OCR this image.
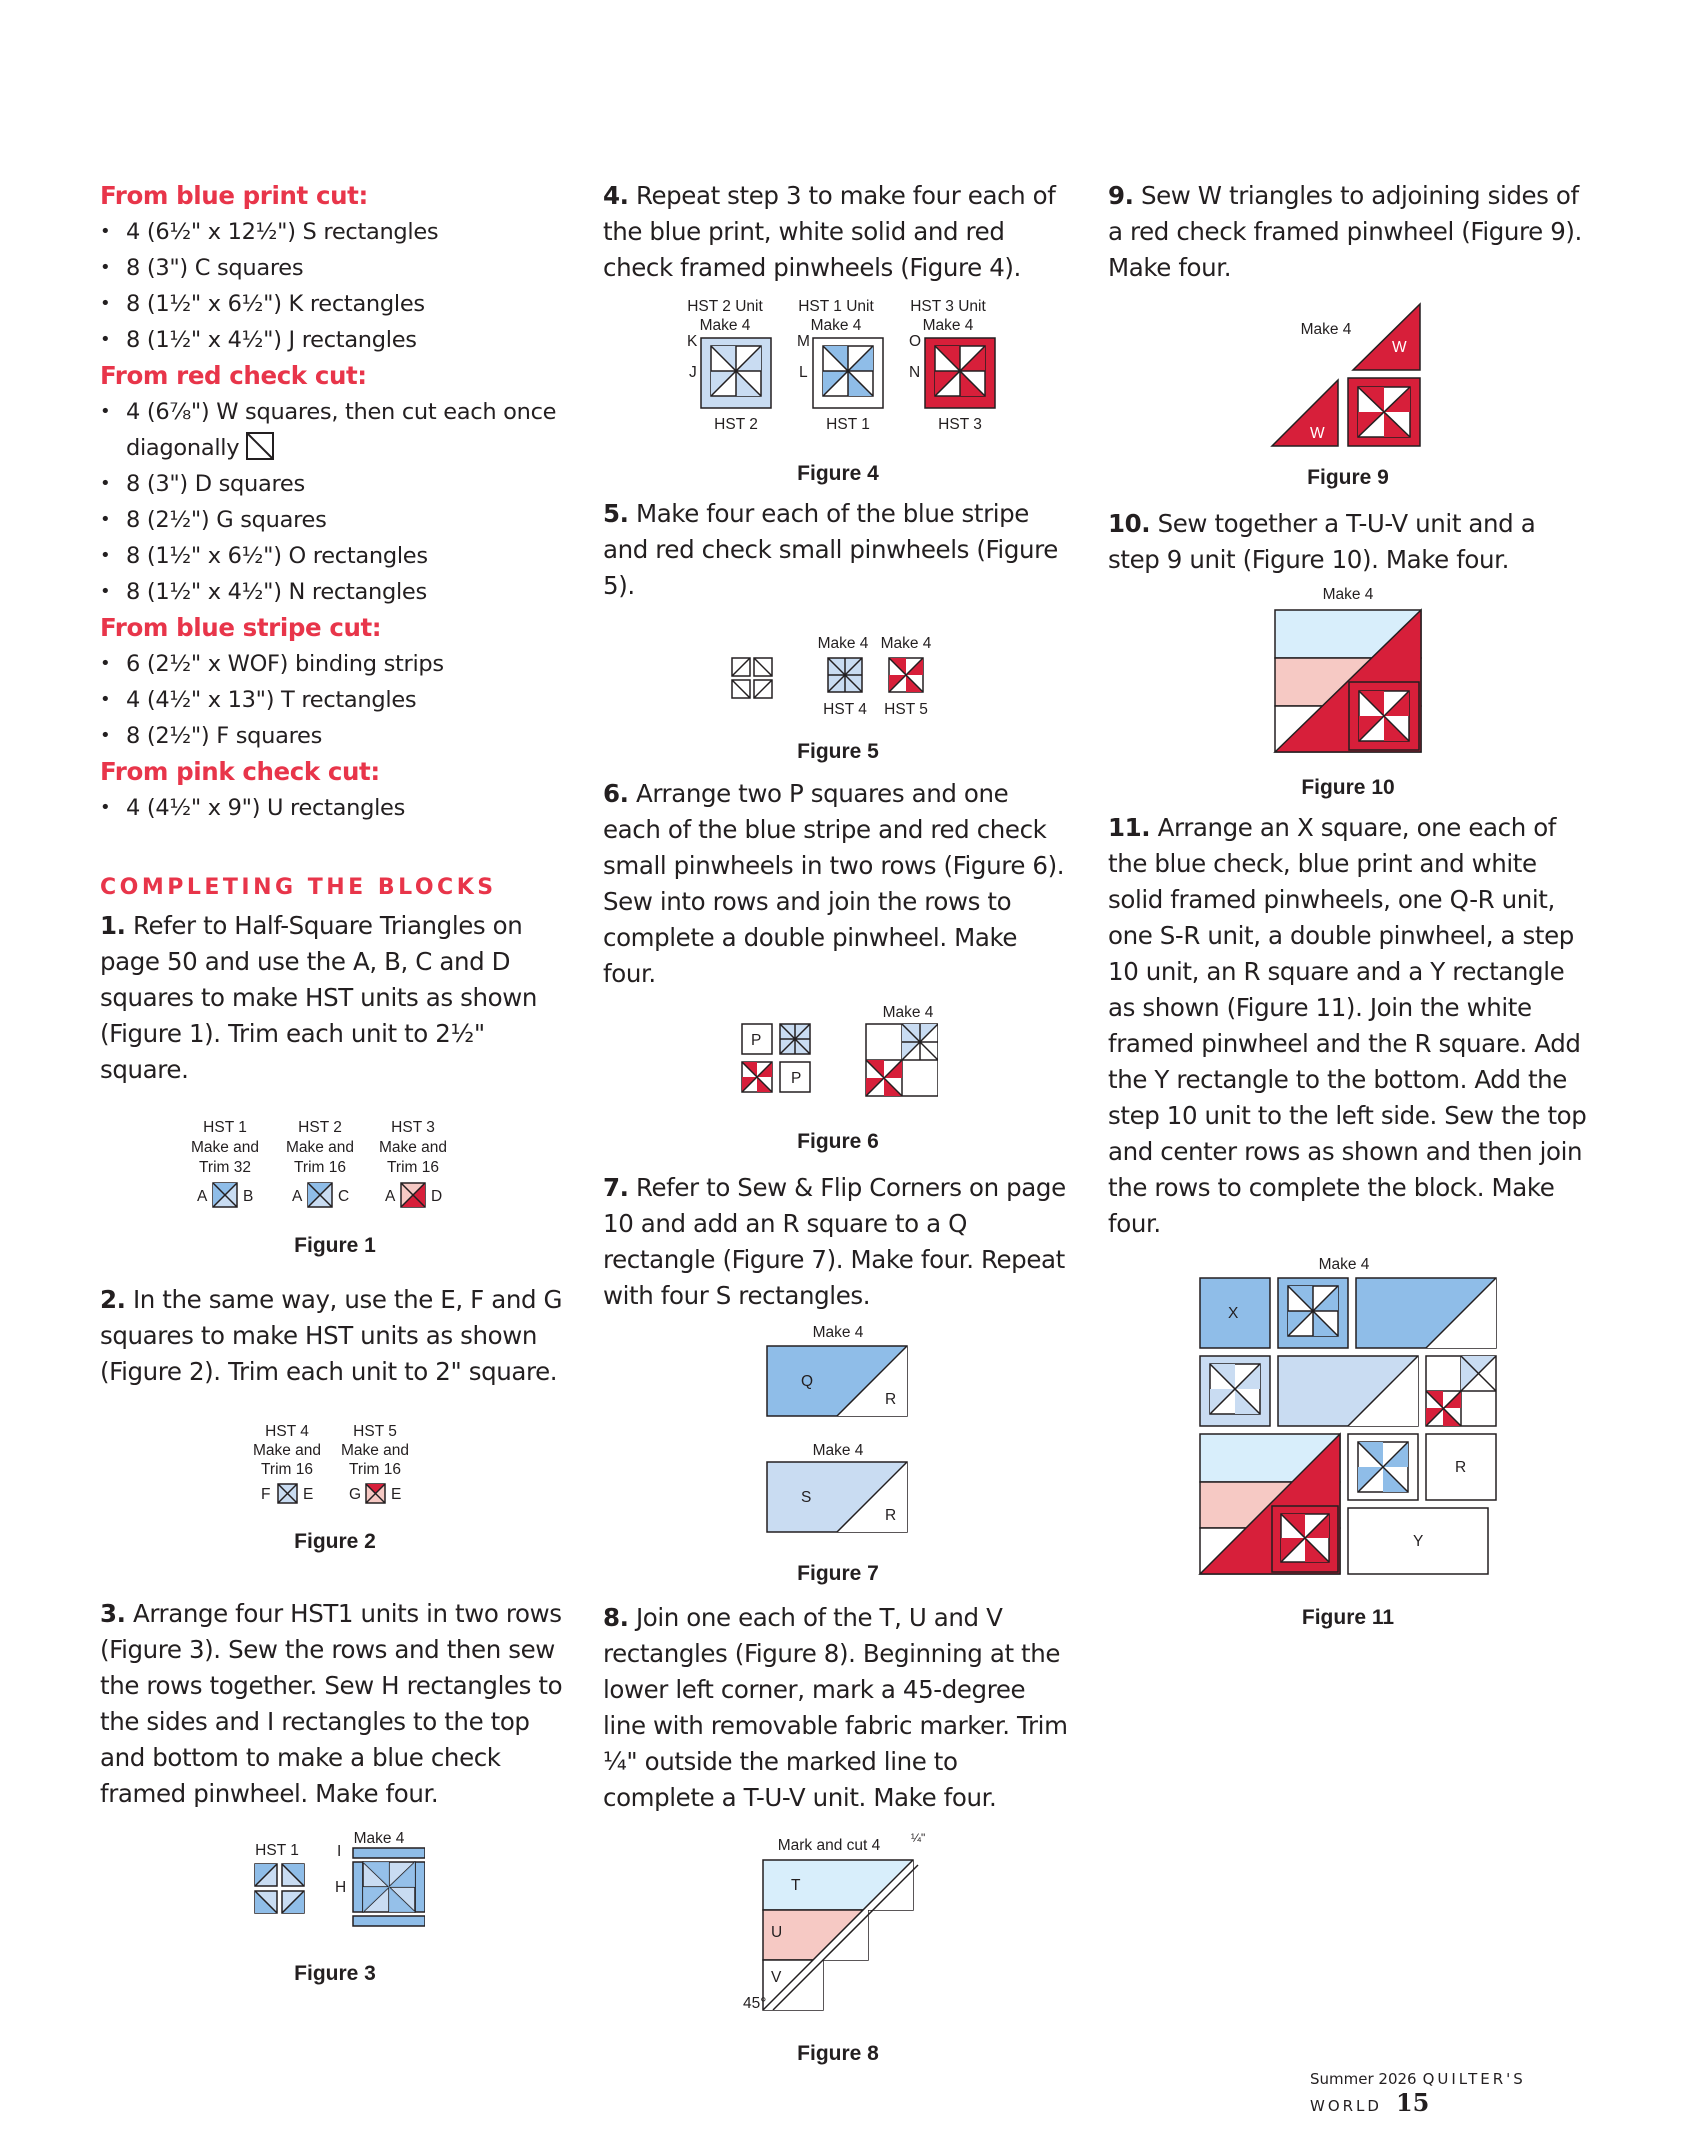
From blue print cut:

• 4 (6½" x 12½") S rectangles
• 8 (3") C squares
• 8 (1½" x 6½") K rectangles
• 8 (1½" x 4½") J rectangles

From red check cut:

• 4 (6⅞") W squares, then cut each once diagonally
• 8 (3") D squares
• 8 (2½") G squares
• 8 (1½" x 6½") O rectangles
• 8 (1½" x 4½") N rectangles

From blue stripe cut:

• 6 (2½" x WOF) binding strips
• 4 (4½" x 13") T rectangles
• 8 (2½") F squares

From pink check cut:

• 4 (4½" x 9") U rectangles

COMPLETING THE BLOCKS

1. Refer to Half-Square Triangles on page 50 and use the A, B, C and D squares to make HST units as shown (Figure 1). Trim each unit to 2½" square.

HST 1
Make and
Trim 32
HST 2
Make and
Trim 16
HST 3
Make and
Trim 16
A B A C A D

Figure 1

2. In the same way, use the E, F and G squares to make HST units as shown (Figure 2). Trim each unit to 2" square.

HST 4
Make and
Trim 16
HST 5
Make and
Trim 16
F E G E

Figure 2

3. Arrange four HST1 units in two rows (Figure 3). Sew the rows and then sew the rows together. Sew H rectangles to the sides and I rectangles to the top and bottom to make a blue check framed pinwheel. Make four.

HST 1
Make 4
I
H

Figure 3

4. Repeat step 3 to make four each of the blue print, white solid and red check framed pinwheels (Figure 4).

HST 2 Unit
Make 4
HST 1 Unit
Make 4
HST 3 Unit
Make 4
K
J
M
L
O
N
HST 2	HST 1	HST 3

Figure 4

5. Make four each of the blue stripe and red check small pinwheels (Figure 5).

Make 4 Make 4
HST 4 HST 5

Figure 5

6. Arrange two P squares and one each of the blue stripe and red check small pinwheels in two rows (Figure 6). Sew into rows and join the rows to complete a double pinwheel. Make four.

P
P
Make 4

Figure 6

7. Refer to Sew & Flip Corners on page 10 and add an R square to a Q rectangle (Figure 7). Make four. Repeat with four S rectangles.

Make 4
Q
R
Make 4
S
R

Figure 7

8. Join one each of the T, U and V rectangles (Figure 8). Beginning at the lower left corner, mark a 45-degree line with removable fabric marker. Trim ¼" outside the marked line to complete a T-U-V unit. Make four.

Mark and cut 4	¼"
T
U
V
45°

Figure 8

9. Sew W triangles to adjoining sides of a red check framed pinwheel (Figure 9). Make four.

Make 4
W
W

Figure 9

10. Sew together a T-U-V unit and a step 9 unit (Figure 10). Make four.

Make 4

Figure 10

11. Arrange an X square, one each of the blue check, blue print and white solid framed pinwheels, one Q-R unit, one S-R unit, a double pinwheel, a step 10 unit, an R square and a Y rectangle as shown (Figure 11). Join the white framed pinwheel and the R square. Add the Y rectangle to the bottom. Add the step 10 unit to the left side. Sew the top and center rows as shown and then join the rows to complete the block. Make four.

Make 4
X
R
Y

Figure 11

Summer 2026 QUILTER'S WORLD 15
